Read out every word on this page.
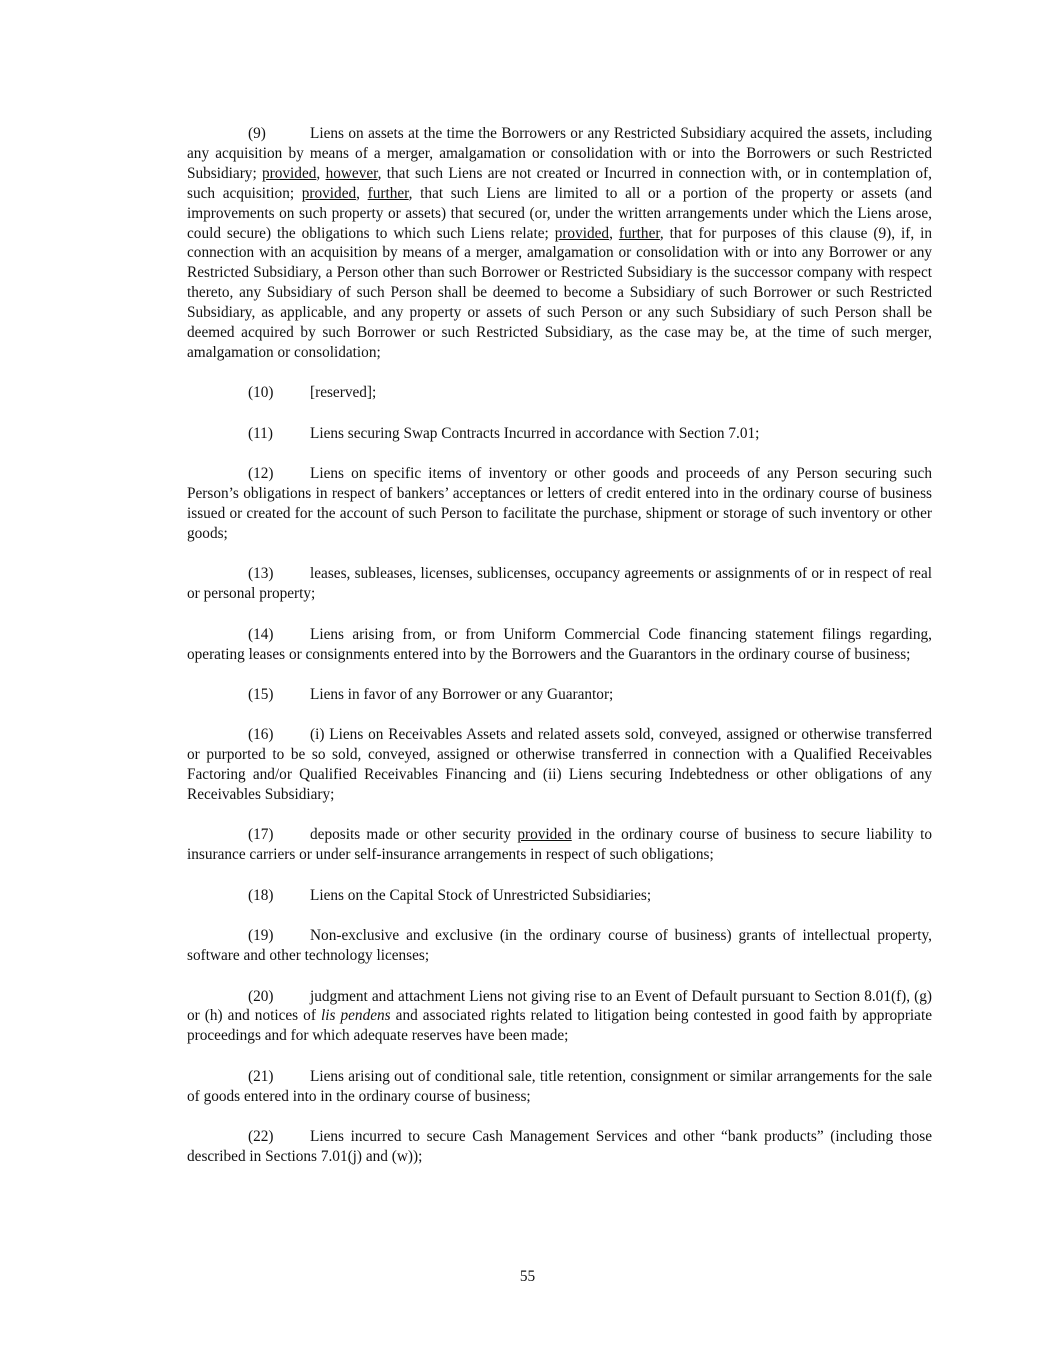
(9)	Liens on assets at the time the Borrowers or any Restricted Subsidiary acquired the assets, including any acquisition by means of a merger, amalgamation or consolidation with or into the Borrowers or such Restricted Subsidiary; provided, however, that such Liens are not created or Incurred in connection with, or in contemplation of, such acquisition; provided, further, that such Liens are limited to all or a portion of the property or assets (and improvements on such property or assets) that secured (or, under the written arrangements under which the Liens arose, could secure) the obligations to which such Liens relate; provided, further, that for purposes of this clause (9), if, in connection with an acquisition by means of a merger, amalgamation or consolidation with or into any Borrower or any Restricted Subsidiary, a Person other than such Borrower or Restricted Subsidiary is the successor company with respect thereto, any Subsidiary of such Person shall be deemed to become a Subsidiary of such Borrower or such Restricted Subsidiary, as applicable, and any property or assets of such Person or any such Subsidiary of such Person shall be deemed acquired by such Borrower or such Restricted Subsidiary, as the case may be, at the time of such merger, amalgamation or consolidation;

(10) [reserved];

(11) Liens securing Swap Contracts Incurred in accordance with Section 7.01;

(12) Liens on specific items of inventory or other goods and proceeds of any Person securing such Person’s obligations in respect of bankers’ acceptances or letters of credit entered into in the ordinary course of business issued or created for the account of such Person to facilitate the purchase, shipment or storage of such inventory or other goods;

(13) leases, subleases, licenses, sublicenses, occupancy agreements or assignments of or in respect of real or personal property;

(14) Liens arising from, or from Uniform Commercial Code financing statement filings regarding, operating leases or consignments entered into by the Borrowers and the Guarantors in the ordinary course of business;

(15) Liens in favor of any Borrower or any Guarantor;

(16) (i) Liens on Receivables Assets and related assets sold, conveyed, assigned or otherwise transferred or purported to be so sold, conveyed, assigned or otherwise transferred in connection with a Qualified Receivables Factoring and/or Qualified Receivables Financing and (ii) Liens securing Indebtedness or other obligations of any Receivables Subsidiary;

(17) deposits made or other security provided in the ordinary course of business to secure liability to insurance carriers or under self-insurance arrangements in respect of such obligations;

(18) Liens on the Capital Stock of Unrestricted Subsidiaries;

(19) Non-exclusive and exclusive (in the ordinary course of business) grants of intellectual property, software and other technology licenses;

(20) judgment and attachment Liens not giving rise to an Event of Default pursuant to Section 8.01(f), (g) or (h) and notices of lis pendens and associated rights related to litigation being contested in good faith by appropriate proceedings and for which adequate reserves have been made;

(21) Liens arising out of conditional sale, title retention, consignment or similar arrangements for the sale of goods entered into in the ordinary course of business;

(22) Liens incurred to secure Cash Management Services and other “bank products” (including those described in Sections 7.01(j) and (w));

55
